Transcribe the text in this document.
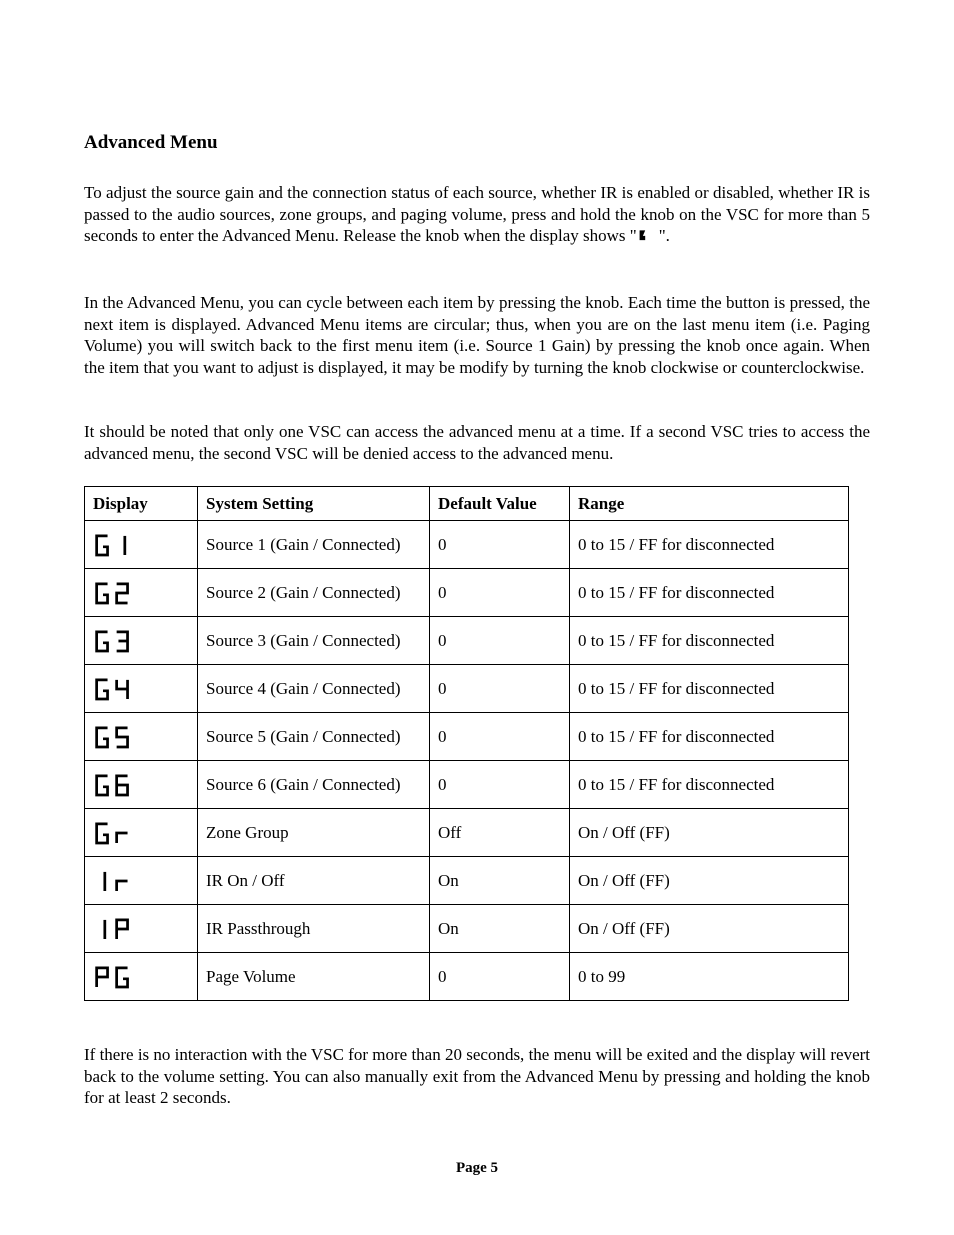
Advanced Menu

To adjust the source gain and the connection status of each source, whether IR is enabled or disabled, whether IR is passed to the audio sources, zone groups, and paging volume, press and hold the knob on the VSC for more than 5 seconds to enter the Advanced Menu. Release the knob when the display shows " ".

In the Advanced Menu, you can cycle between each item by pressing the knob. Each time the button is pressed, the next item is displayed. Advanced Menu items are circular; thus, when you are on the last menu item (i.e. Paging Volume) you will switch back to the first menu item (i.e. Source 1 Gain) by pressing the knob once again. When the item that you want to adjust is displayed, it may be modify by turning the knob clockwise or counterclockwise.

It should be noted that only one VSC can access the advanced menu at a time. If a second VSC tries to access the advanced menu, the second VSC will be denied access to the advanced menu.

Display	System Setting	Default Value	Range

	Source 1 (Gain / Connected)	0	0 to 15 / FF for disconnected

	Source 2 (Gain / Connected)	0	0 to 15 / FF for disconnected

	Source 3 (Gain / Connected)	0	0 to 15 / FF for disconnected

	Source 4 (Gain / Connected)	0	0 to 15 / FF for disconnected

	Source 5 (Gain / Connected)	0	0 to 15 / FF for disconnected

	Source 6 (Gain / Connected)	0	0 to 15 / FF for disconnected

	Zone Group	Off	On / Off (FF)

	IR On / Off	On	On / Off (FF)

	IR Passthrough	On	On / Off (FF)

	Page Volume	0	0 to 99

If there is no interaction with the VSC for more than 20 seconds, the menu will be exited and the display will revert back to the volume setting. You can also manually exit from the Advanced Menu by pressing and holding the knob for at least 2 seconds.

Page 5
